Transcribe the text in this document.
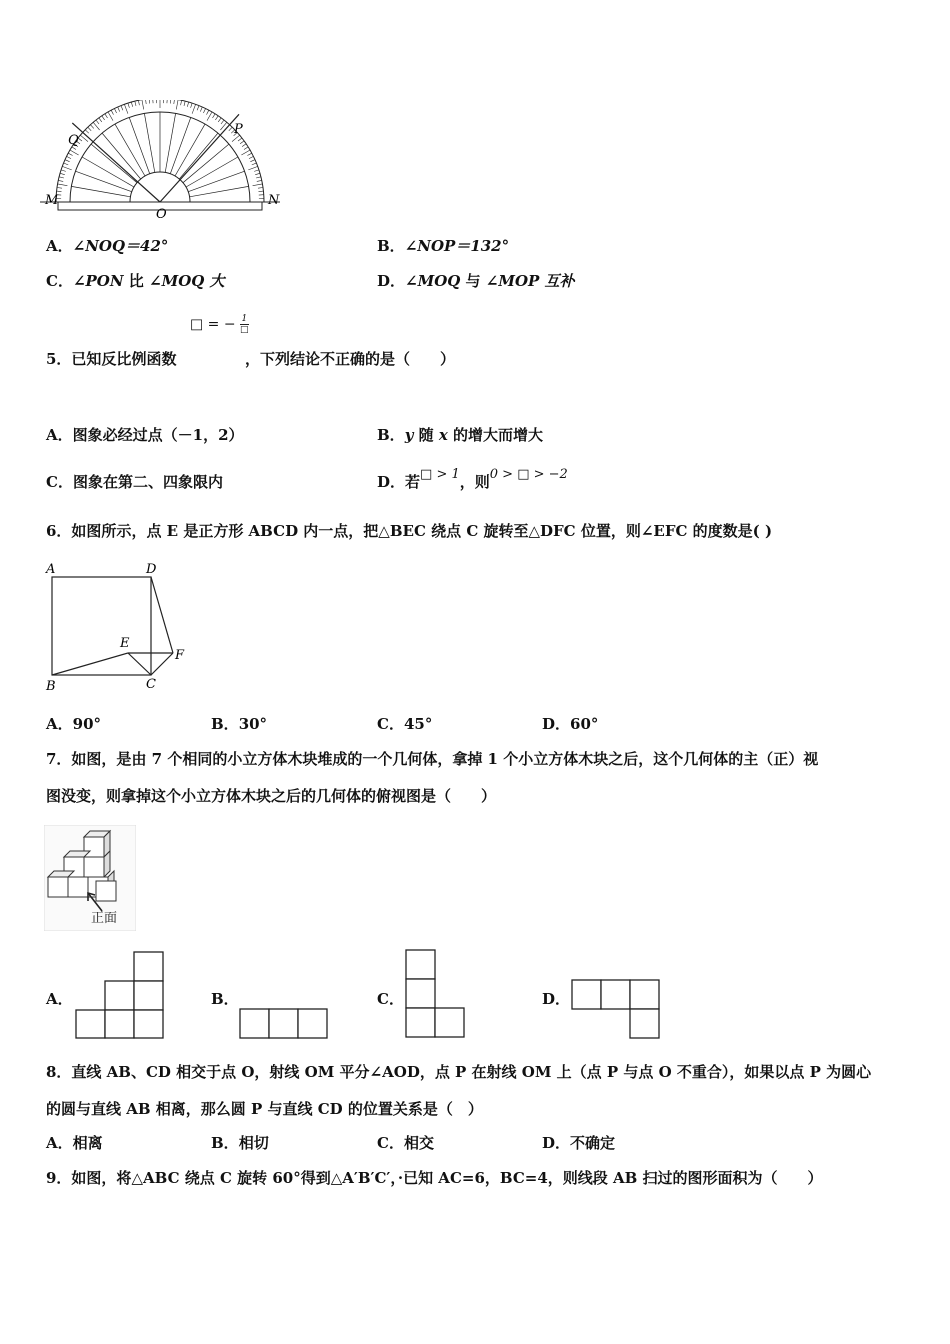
Q
P
M	N
O
A．∠NOQ＝42°	B．∠NOP＝132°
C．∠PON 比 ∠MOQ 大	D．∠MOQ 与 ∠MOP 互补
□ = − 1
□
5．已知反比例函数	，下列结论不正确的是（　　）
A．图象必经过点（－1，2）	B．y 随 x 的增大而增大
C．图象在第二、四象限内	D．若□ > 1，则0 > □ > −2
6．如图所示，点 E 是正方形 ABCD 内一点，把△BEC 绕点 C 旋转至△DFC 位置，则∠EFC 的度数是( )
A	D
E
F
B	C
A．90°	B．30°	C．45°	D．60°
7．如图，是由 7 个相同的小立方体木块堆成的一个几何体，拿掉 1 个小立方体木块之后，这个几何体的主（正）视
图没变，则拿掉这个小立方体木块之后的几何体的俯视图是（　　）
正面
A．	B．	C．	D．
8．直线 AB、CD 相交于点 O，射线 OM 平分∠AOD，点 P 在射线 OM 上（点 P 与点 O 不重合），如果以点 P 为圆心
的圆与直线 AB 相离，那么圆 P 与直线 CD 的位置关系是（　）
A．相离	B．相切	C．相交	D．不确定
9．如图，将△ABC 绕点 C 旋转 60°得到△A′B′C′，·已知 AC=6，BC=4，则线段 AB 扫过的图形面积为（　　）
